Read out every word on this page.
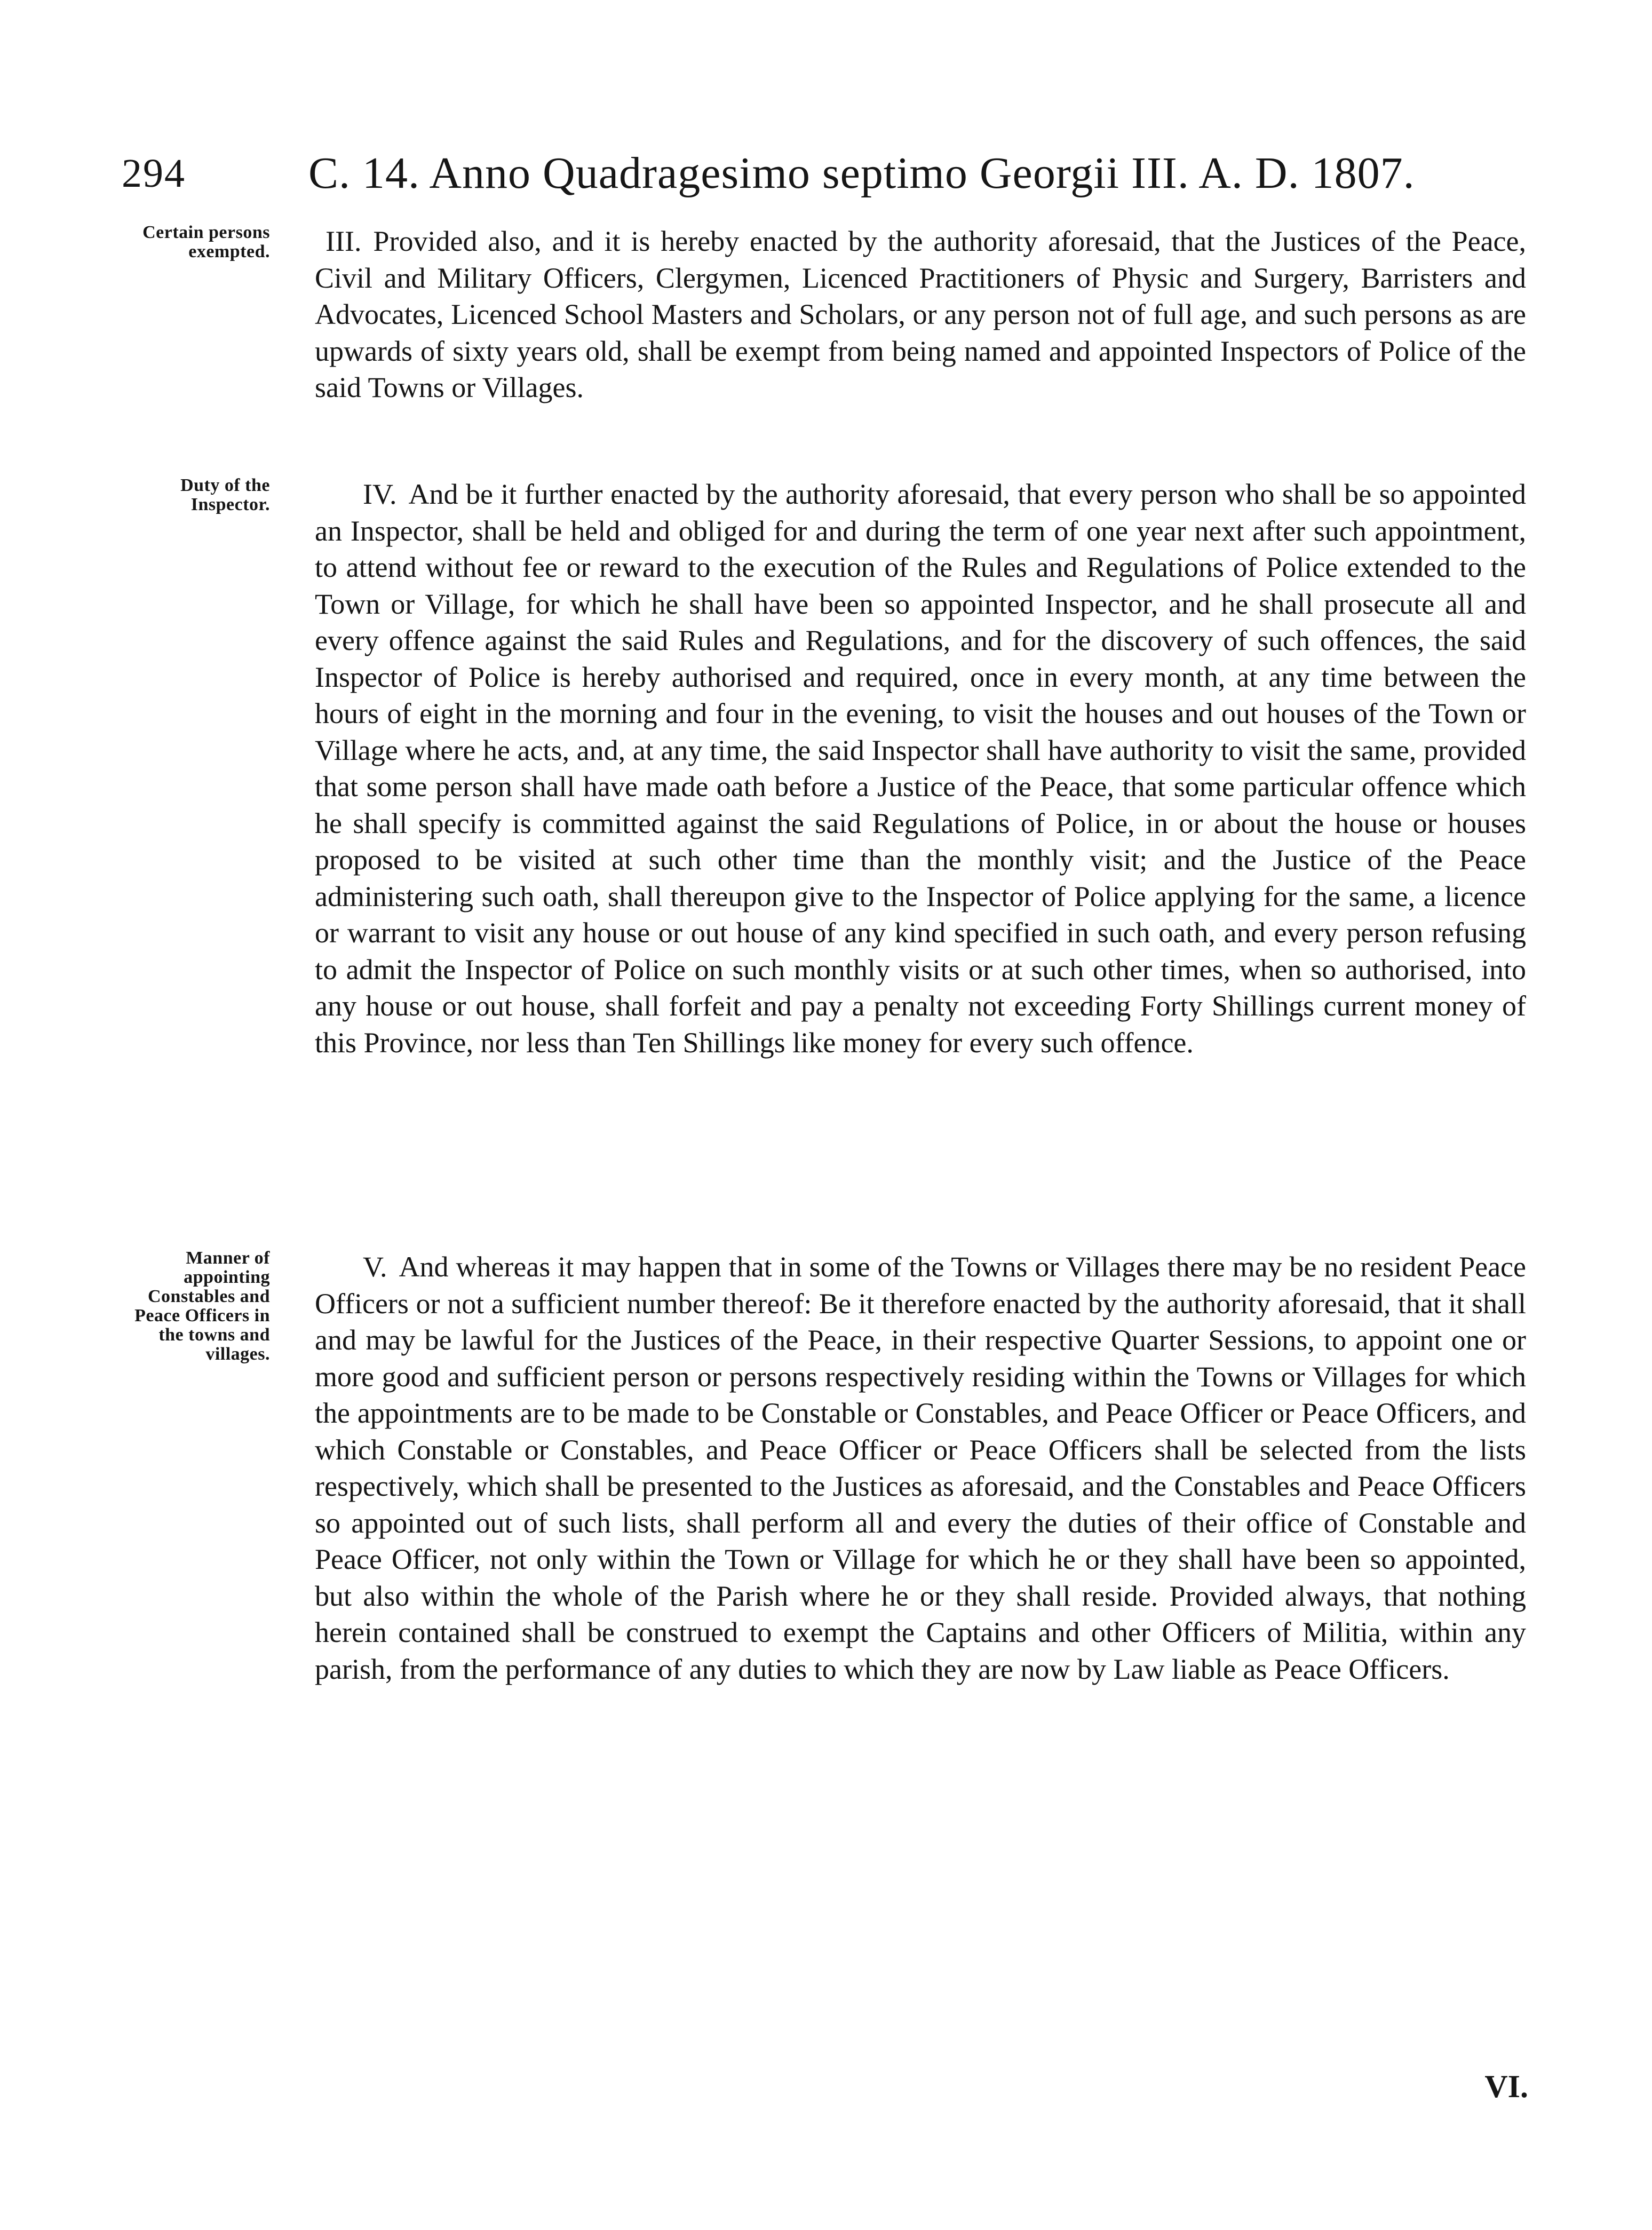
294	C. 14. Anno Quadragesimo septimo Georgii III. A. D. 1807.
Certain persons exempted.	III. Provided also, and it is hereby enacted by the authority aforesaid, that the Justices of the Peace, Civil and Military Officers, Clergymen, Licenced Practitioners of Physic and Surgery, Barristers and Advocates, Licenced School Masters and Scholars, or any person not of full age, and such persons as are upwards of sixty years old, shall be exempt from being named and appointed Inspectors of Police of the said Towns or Villages.

Duty of the Inspector.	IV. And be it further enacted by the authority aforesaid, that every person who shall be so appointed an Inspector, shall be held and obliged for and during the term of one year next after such appointment, to attend without fee or reward to the execution of the Rules and Regulations of Police extended to the Town or Village, for which he shall have been so appointed Inspector, and he shall prosecute all and every offence against the said Rules and Regulations, and for the discovery of such offences, the said Inspector of Police is hereby authorised and required, once in every month, at any time between the hours of eight in the morning and four in the evening, to visit the houses and out houses of the Town or Village where he acts, and, at any time, the said Inspector shall have authority to visit the same, provided that some person shall have made oath before a Justice of the Peace, that some particular offence which he shall specify is committed against the said Regulations of Police, in or about the house or houses proposed to be visited at such other time than the monthly visit; and the Justice of the Peace administering such oath, shall thereupon give to the Inspector of Police applying for the same, a licence or warrant to visit any house or out house of any kind specified in such oath, and every person refusing to admit the Inspector of Police on such monthly visits or at such other times, when so authorised, into any house or out house, shall forfeit and pay a penalty not exceeding Forty Shillings current money of this Province, nor less than Ten Shillings like money for every such offence.

Manner of appointing Constables and Peace Officers in the towns and villages.

V. And whereas it may happen that in some of the Towns or Villages there may be no resident Peace Officers or not a sufficient number thereof: Be it therefore enacted by the authority aforesaid, that it shall and may be lawful for the Justices of the Peace, in their respective Quarter Sessions, to appoint one or more good and sufficient person or persons respectively residing within the Towns or Villages for which the appointments are to be made to be Constable or Constables, and Peace Officer or Peace Officers, and which Constable or Constables, and Peace Officer or Peace Officers shall be selected from the lists respectively, which shall be presented to the Justices as aforesaid, and the Constables and Peace Officers so appointed out of such lists, shall perform all and every the duties of their office of Constable and Peace Officer, not only within the Town or Village for which he or they shall have been so appointed, but also within the whole of the Parish where he or they shall reside. Provided always, that nothing herein contained shall be construed to exempt the Captains and other Officers of Militia, within any parish, from the performance of any duties to which they are now by Law liable as Peace Officers.

VI.
